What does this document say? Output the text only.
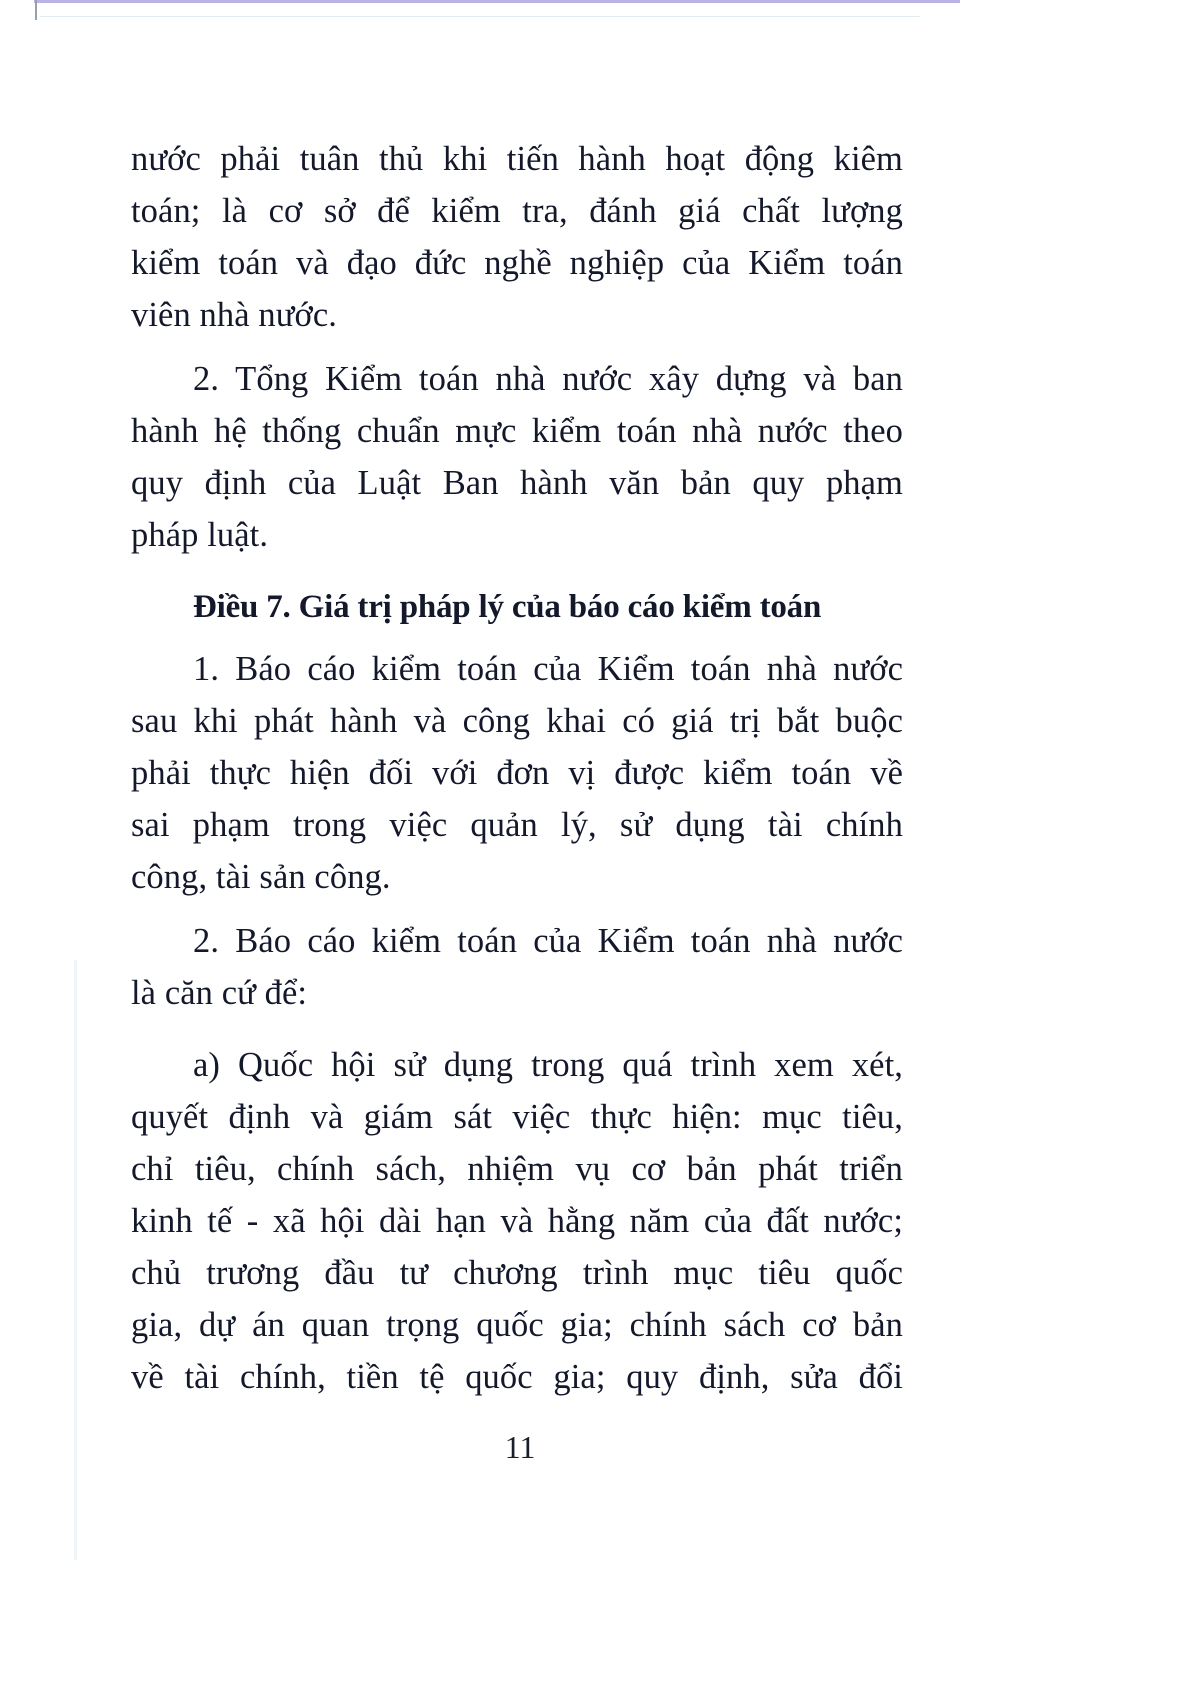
nước phải tuân thủ khi tiến hành hoạt động kiêm
toán; là cơ sở để kiểm tra, đánh giá chất lượng
kiểm toán và đạo đức nghề nghiệp của Kiểm toán
viên nhà nước.
2. Tổng Kiểm toán nhà nước xây dựng và ban
hành hệ thống chuẩn mực kiểm toán nhà nước theo
quy định của Luật Ban hành văn bản quy phạm
pháp luật.
Điều 7. Giá trị pháp lý của báo cáo kiểm toán
1. Báo cáo kiểm toán của Kiểm toán nhà nước
sau khi phát hành và công khai có giá trị bắt buộc
phải thực hiện đối với đơn vị được kiểm toán về
sai phạm trong việc quản lý, sử dụng tài chính
công, tài sản công.
2. Báo cáo kiểm toán của Kiểm toán nhà nước
là căn cứ để:
a) Quốc hội sử dụng trong quá trình xem xét,
quyết định và giám sát việc thực hiện: mục tiêu,
chỉ tiêu, chính sách, nhiệm vụ cơ bản phát triển
kinh tế - xã hội dài hạn và hằng năm của đất nước;
chủ trương đầu tư chương trình mục tiêu quốc
gia, dự án quan trọng quốc gia; chính sách cơ bản
về tài chính, tiền tệ quốc gia; quy định, sửa đổi
11
